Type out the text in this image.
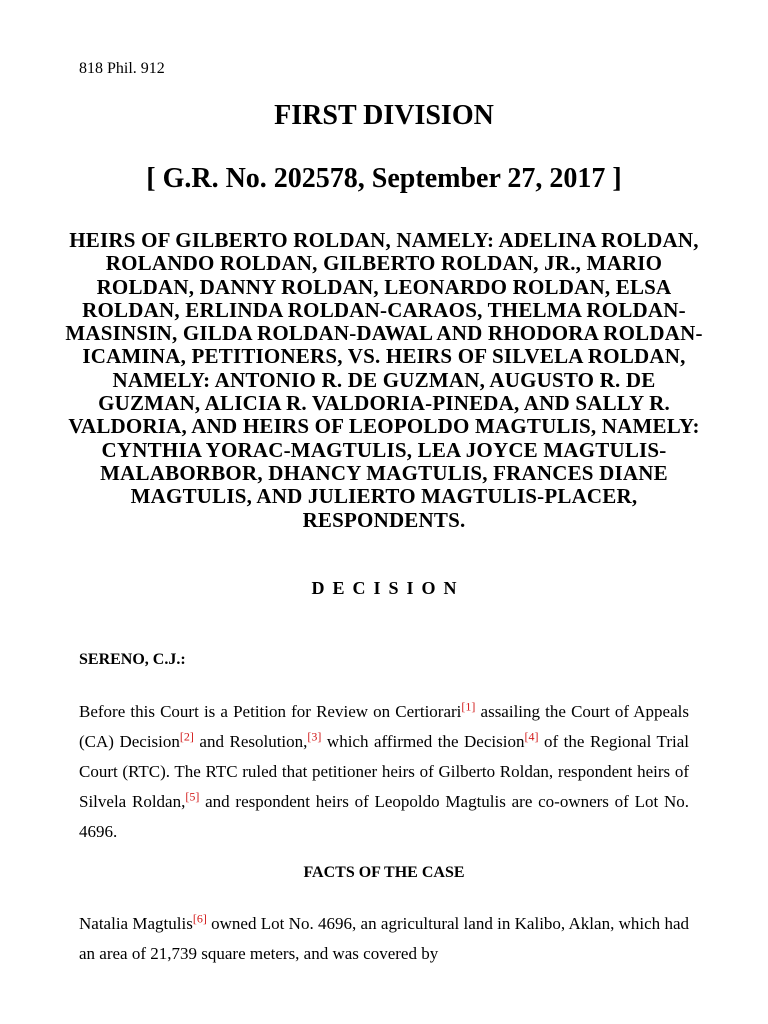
818 Phil. 912
FIRST DIVISION
[ G.R. No. 202578, September 27, 2017 ]
HEIRS OF GILBERTO ROLDAN, NAMELY: ADELINA ROLDAN, ROLANDO ROLDAN, GILBERTO ROLDAN, JR., MARIO ROLDAN, DANNY ROLDAN, LEONARDO ROLDAN, ELSA ROLDAN, ERLINDA ROLDAN-CARAOS, THELMA ROLDAN-MASINSIN, GILDA ROLDAN-DAWAL AND RHODORA ROLDAN-ICAMINA, PETITIONERS, VS. HEIRS OF SILVELA ROLDAN, NAMELY: ANTONIO R. DE GUZMAN, AUGUSTO R. DE GUZMAN, ALICIA R. VALDORIA-PINEDA, AND SALLY R. VALDORIA, AND HEIRS OF LEOPOLDO MAGTULIS, NAMELY: CYNTHIA YORAC-MAGTULIS, LEA JOYCE MAGTULIS-MALABORBOR, DHANCY MAGTULIS, FRANCES DIANE MAGTULIS, AND JULIERTO MAGTULIS-PLACER, RESPONDENTS.
DECISION
SERENO, C.J.:
Before this Court is a Petition for Review on Certiorari[1] assailing the Court of Appeals (CA) Decision[2] and Resolution,[3] which affirmed the Decision[4] of the Regional Trial Court (RTC). The RTC ruled that petitioner heirs of Gilberto Roldan, respondent heirs of Silvela Roldan,[5] and respondent heirs of Leopoldo Magtulis are co-owners of Lot No. 4696.
FACTS OF THE CASE
Natalia Magtulis[6] owned Lot No. 4696, an agricultural land in Kalibo, Aklan, which had an area of 21,739 square meters, and was covered by
